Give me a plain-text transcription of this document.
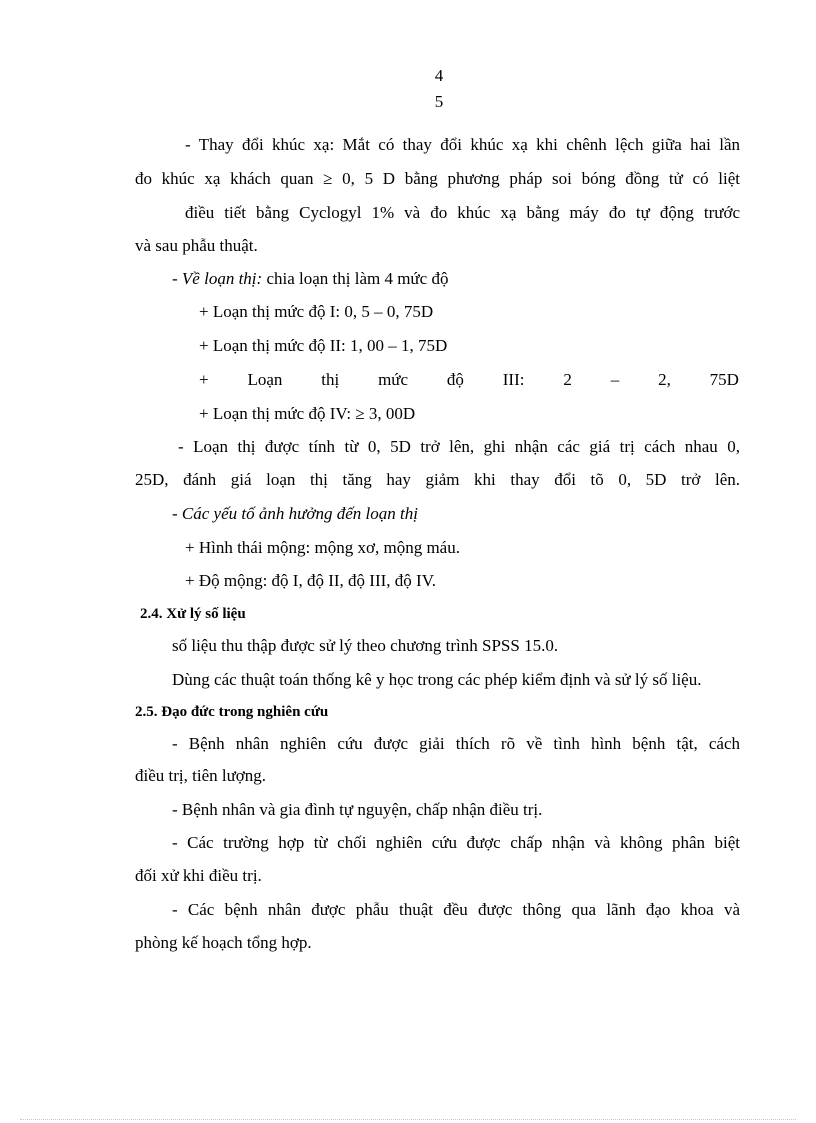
4
5
- Thay đổi khúc xạ: Mắt có thay đổi khúc xạ khi chênh lệch giữa hai lần
đo khúc xạ khách quan ≥ 0, 5 D bằng phương pháp soi bóng đồng tử có liệt
điều tiết bằng Cyclogyl 1% và đo khúc xạ bằng máy đo tự động trước
và sau phẫu thuật.
- Về loạn thị: chia loạn thị làm 4 mức độ
+ Loạn thị mức độ I: 0, 5 – 0, 75D
+ Loạn thị mức độ II: 1, 00 – 1, 75D
+ Loạn thị mức độ III: 2 – 2, 75D
+ Loạn thị mức độ IV: ≥ 3, 00D
- Loạn thị được tính từ 0, 5D trở lên, ghi nhận các giá trị cách nhau 0,
25D, đánh giá loạn thị tăng hay giảm khi thay đổi tõ 0, 5D trở lên.
- Các yếu tố ảnh hưởng đến loạn thị
+ Hình thái mộng: mộng xơ, mộng máu.
+ Độ mộng: độ I, độ II, độ III, độ IV.
2.4. Xử lý số liệu
số liệu thu thập được sử lý theo chương trình SPSS 15.0.
Dùng các thuật toán thống kê y học trong các phép kiểm định và sử lý số liệu.
2.5. Đạo đức trong nghiên cứu
- Bệnh nhân nghiên cứu được giải thích rõ về tình hình bệnh tật, cách
điều trị, tiên lượng.
- Bệnh nhân và gia đình tự nguyện, chấp nhận điều trị.
- Các trường hợp từ chối nghiên cứu được chấp nhận và không phân biệt
đối xử khi điều trị.
- Các bệnh nhân được phẫu thuật đều được thông qua lãnh đạo khoa và
phòng kế hoạch tổng hợp.
